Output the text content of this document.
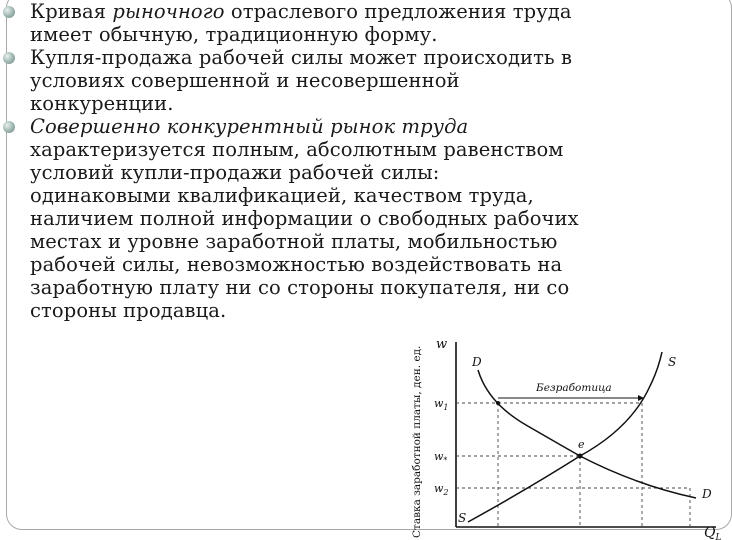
Кривая рыночного отраслевого предложения труда
имеет обычную, традиционную форму.
Купля-продажа рабочей силы может происходить в
условиях совершенной и несовершенной
конкуренции.
Совершенно конкурентный рынок труда
характеризуется полным, абсолютным равенством
условий купли-продажи рабочей силы:
одинаковыми квалификацией, качеством труда,
наличием полной информации о свободных рабочих
местах и уровне заработной платы, мобильностью
рабочей силы, невозможностью воздействовать на
заработную плату ни со стороны покупателя, ни со
стороны продавца.
Ставка заработной платы, ден. ед.
w
$Q_L$
$w_1$
$w_*$
$w_2$
D
D
S
S
e
Безработица
